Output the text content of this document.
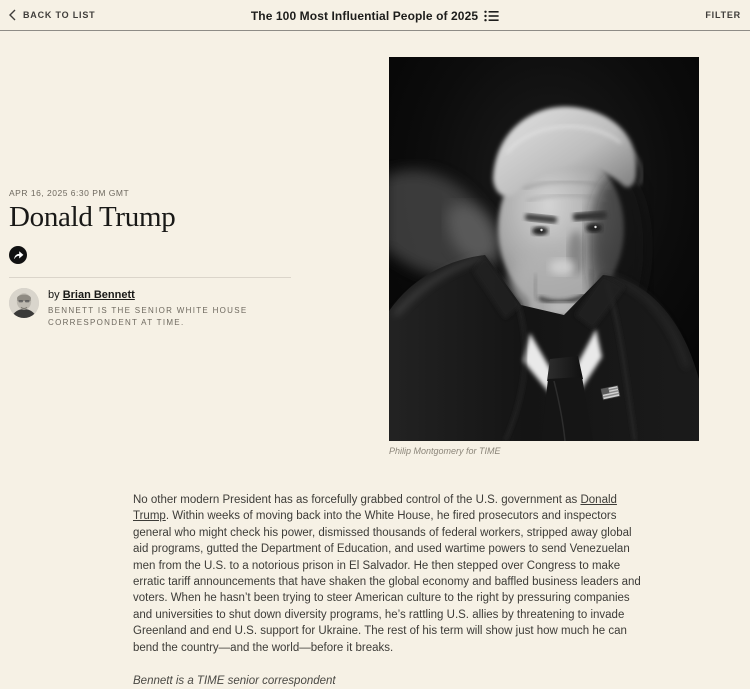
BACK TO LIST	The 100 Most Influential People of 2025	FILTER
APR 16, 2025 6:30 PM GMT
Donald Trump
by Brian Bennett
BENNETT IS THE SENIOR WHITE HOUSE CORRESPONDENT AT TIME.
Philip Montgomery for TIME

No other modern President has as forcefully grabbed control of the U.S. government as Donald Trump. Within weeks of moving back into the White House, he fired prosecutors and inspectors general who might check his power, dismissed thousands of federal workers, stripped away global aid programs, gutted the Department of Education, and used wartime powers to send Venezuelan men from the U.S. to a notorious prison in El Salvador. He then stepped over Congress to make erratic tariff announcements that have shaken the global economy and baffled business leaders and voters. When he hasn’t been trying to steer American culture to the right by pressuring companies and universities to shut down diversity programs, he’s rattling U.S. allies by threatening to invade Greenland and end U.S. support for Ukraine. The rest of his term will show just how much he can bend the country—and the world—before it breaks.

Bennett is a TIME senior correspondent
